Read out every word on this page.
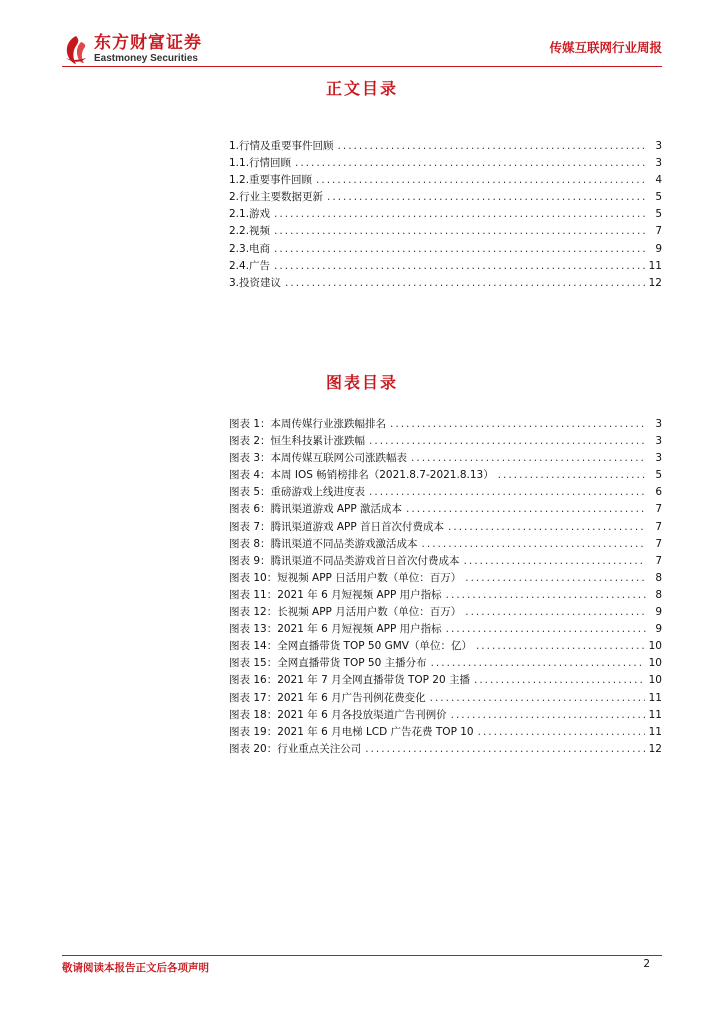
东方财富证券
Eastmoney Securities
传媒互联网行业周报
正文目录
1.行情及重要事件回顾 .....	3
1.1.行情回顾 .....	3
1.2.重要事件回顾 .....	4
2.行业主要数据更新 .....	5
2.1.游戏 .....	5
2.2.视频 .....	7
2.3.电商 .....	9
2.4.广告 .....	11
3.投资建议 .....	12
图表目录
图表 1：本周传媒行业涨跌幅排名 .....	3
图表 2：恒生科技累计涨跌幅 .....	3
图表 3：本周传媒互联网公司涨跌幅表 .....	3
图表 4：本周 IOS 畅销榜排名（2021.8.7-2021.8.13） .....	5
图表 5：重磅游戏上线进度表 .....	6
图表 6：腾讯渠道游戏 APP 激活成本 .....	7
图表 7：腾讯渠道游戏 APP 首日首次付费成本 .....	7
图表 8：腾讯渠道不同品类游戏激活成本 .....	7
图表 9：腾讯渠道不同品类游戏首日首次付费成本 .....	7
图表 10：短视频 APP 日活用户数（单位：百万） .....	8
图表 11：2021 年 6 月短视频 APP 用户指标 .....	8
图表 12：长视频 APP 月活用户数（单位：百万） .....	9
图表 13：2021 年 6 月短视频 APP 用户指标 .....	9
图表 14：全网直播带货 TOP 50 GMV（单位：亿） .....	10
图表 15：全网直播带货 TOP 50 主播分布 .....	10
图表 16：2021 年 7 月全网直播带货 TOP 20 主播 .....	10
图表 17：2021 年 6 月广告刊例花费变化 .....	11
图表 18：2021 年 6 月各投放渠道广告刊例价 .....	11
图表 19：2021 年 6 月电梯 LCD 广告花费 TOP 10 .....	11
图表 20：行业重点关注公司 .....	12
敬请阅读本报告正文后各项声明	2
